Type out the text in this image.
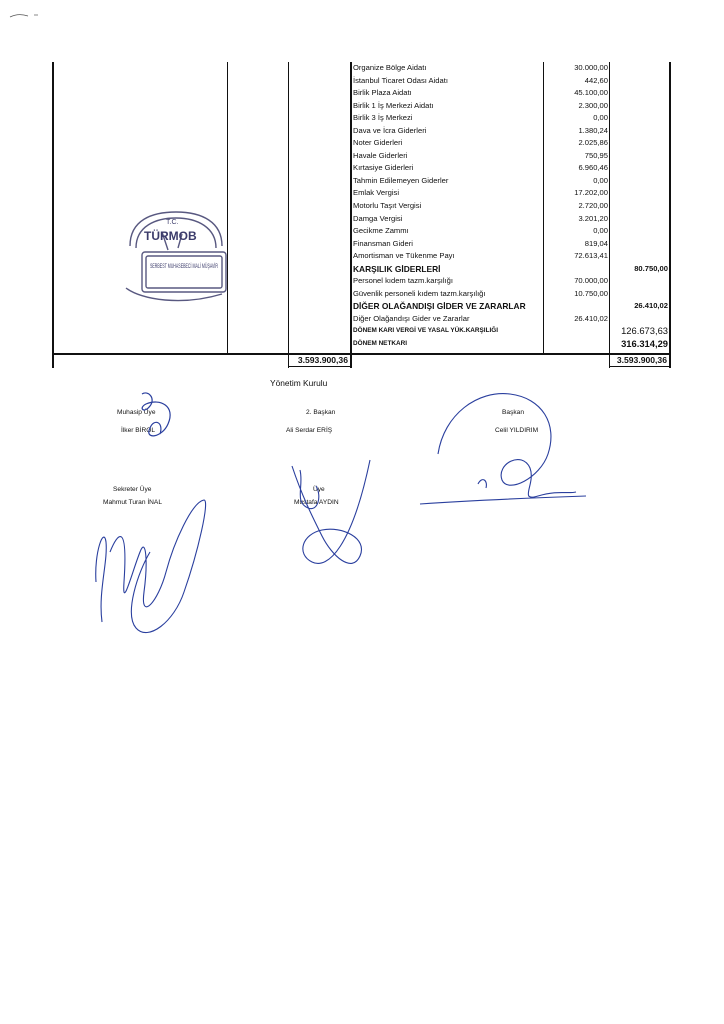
Organize Bölge Aidatı	30.000,00
İstanbul Ticaret Odası Aidatı	442,60
Birlik Plaza Aidatı	45.100,00
Birlik 1 İş Merkezi Aidatı	2.300,00
Birlik 3 İş Merkezi	0,00
Dava ve İcra Giderleri	1.380,24
Noter Giderleri	2.025,86
Havale Giderleri	750,95
Kırtasiye Giderleri	6.960,46
Tahmin Edilemeyen Giderler	0,00
Emlak Vergisi	17.202,00
Motorlu Taşıt Vergisi	2.720,00
Damga Vergisi	3.201,20
Gecikme Zammı	0,00
Finansman Gideri	819,04
Amortisman ve Tükenme Payı	72.613,41
KARŞILIK GİDERLERİ	80.750,00
Personel kıdem tazm.karşılığı	70.000,00
Güvenlik personeli kıdem tazm.karşılığı	10.750,00
DİĞER OLAĞANDIŞI GİDER VE ZARARLAR	26.410,02
Diğer Olağandışı Gider ve Zararlar	26.410,02
DÖNEM KARI VERGİ VE YASAL YÜK.KARŞILIĞI	126.673,63
DÖNEM NETKARI	316.314,29
3.593.900,36	3.593.900,36
T.C.
TÜRMOB
SERBEST MUHASEBECİ MALİ MÜŞAVİR
Yönetim Kurulu
Muhasip Üye
İlker BİROL
2. Başkan
Ali Serdar ERİŞ
Başkan
Celil YILDIRIM
Sekreter Üye
Mahmut Turan İNAL
Üye
Mustafa AYDIN
